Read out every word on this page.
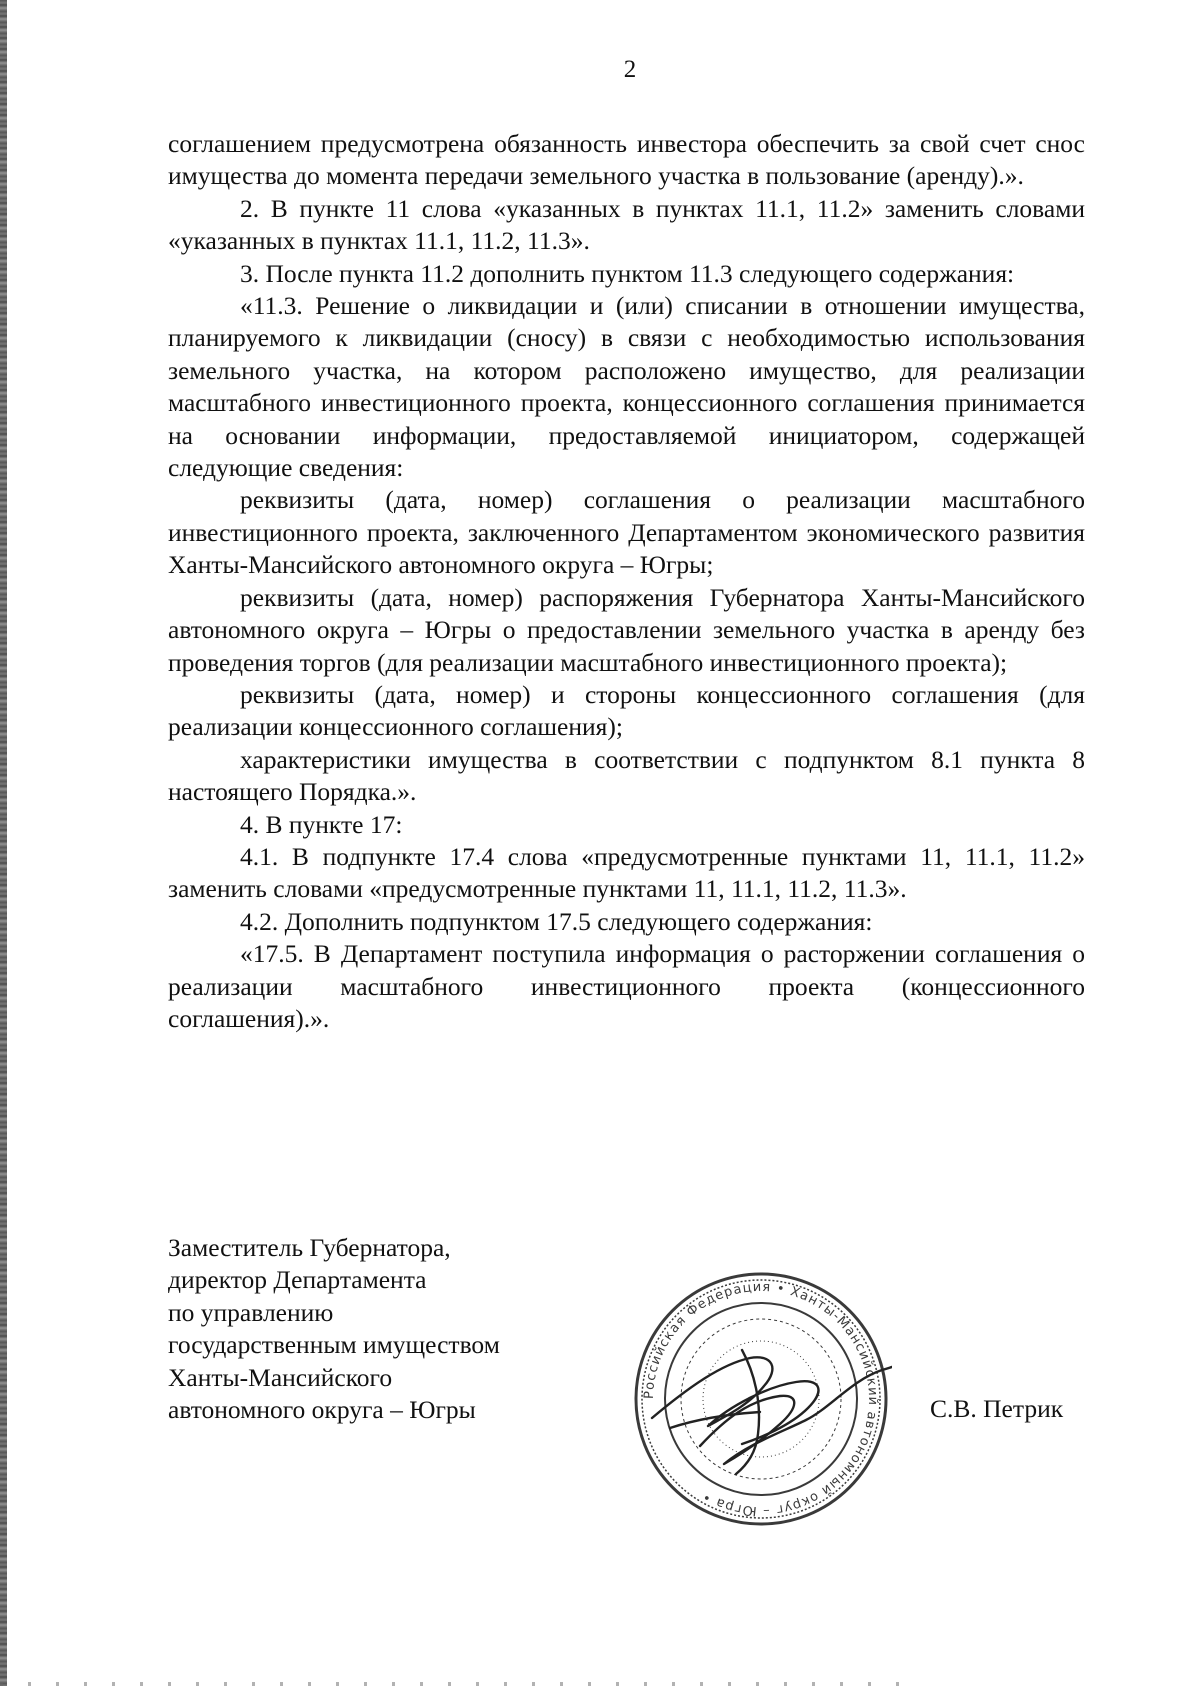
2

соглашением предусмотрена обязанность инвестора обеспечить за свой счет снос имущества до момента передачи земельного участка в пользование (аренду).».

2. В пункте 11 слова «указанных в пунктах 11.1, 11.2» заменить словами «указанных в пунктах 11.1, 11.2, 11.3».

3. После пункта 11.2 дополнить пунктом 11.3 следующего содержания:

«11.3. Решение о ликвидации и (или) списании в отношении имущества, планируемого к ликвидации (сносу) в связи с необходимостью использования земельного участка, на котором расположено имущество, для реализации масштабного инвестиционного проекта, концессионного соглашения принимается на основании информации, предоставляемой инициатором, содержащей следующие сведения:

реквизиты (дата, номер) соглашения о реализации масштабного инвестиционного проекта, заключенного Департаментом экономического развития Ханты-Мансийского автономного округа – Югры;

реквизиты (дата, номер) распоряжения Губернатора Ханты-Мансийского автономного округа – Югры о предоставлении земельного участка в аренду без проведения торгов (для реализации масштабного инвестиционного проекта);

реквизиты (дата, номер) и стороны концессионного соглашения (для реализации концессионного соглашения);

характеристики имущества в соответствии с подпунктом 8.1 пункта 8 настоящего Порядка.».

4. В пункте 17:

4.1. В подпункте 17.4 слова «предусмотренные пунктами 11, 11.1, 11.2» заменить словами «предусмотренные пунктами 11, 11.1, 11.2, 11.3».

4.2. Дополнить подпунктом 17.5 следующего содержания:

«17.5. В Департамент поступила информация о расторжении соглашения о реализации масштабного инвестиционного проекта (концессионного соглашения).».

Заместитель Губернатора,
директор Департамента
по управлению
государственным имуществом
Ханты-Мансийского
автономного округа – Югры
Российская Федерация • Ханты-Мансийский автономный округ – Югра •
С.В. Петрик
